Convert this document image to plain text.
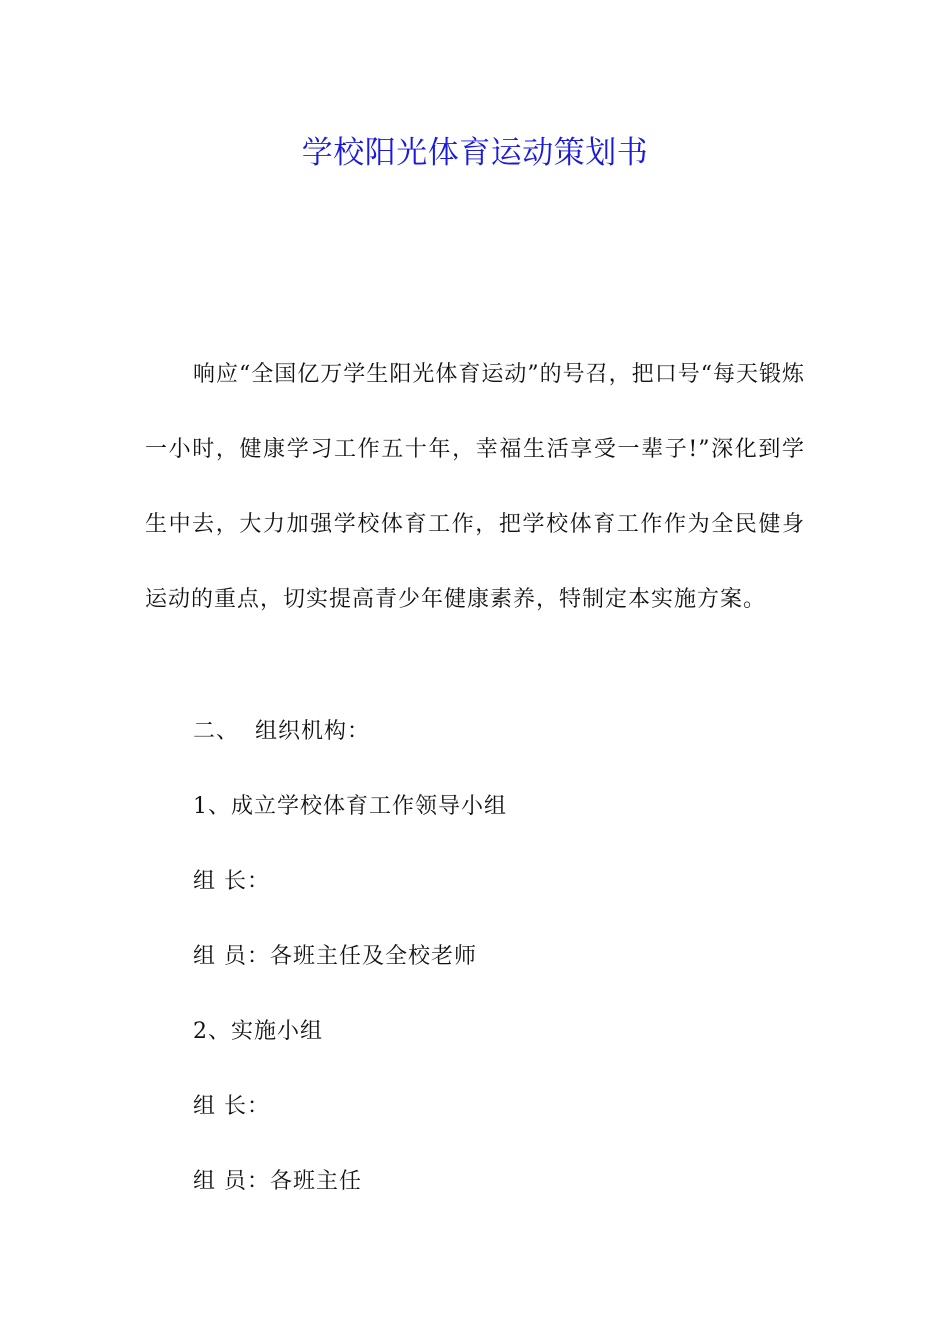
学校阳光体育运动策划书

响应“全国亿万学生阳光体育运动”的号召，把口号“每天锻炼一小时，健康学习工作五十年，幸福生活享受一辈子!”深化到学生中去，大力加强学校体育工作，把学校体育工作作为全民健身运动的重点，切实提高青少年健康素养，特制定本实施方案。

二、  组织机构：

1、成立学校体育工作领导小组

组 长：

组 员：各班主任及全校老师

2、实施小组

组 长：

组 员：各班主任
